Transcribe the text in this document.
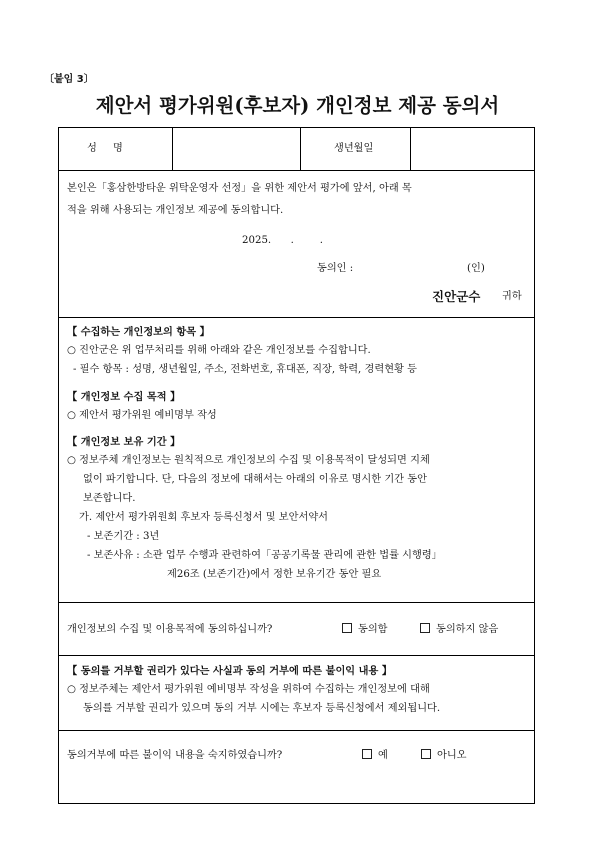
〔붙임 3〕
제안서 평가위원(후보자) 개인정보 제공 동의서
성     명	생년월일
본인은「홍삼한방타운 위탁운영자 선정」을 위한 제안서 평가에 앞서, 아래 목
적을 위해 사용되는 개인정보 제공에 동의합니다.
2025.      .        .
동의인 :	(인)
진안군수 귀하
【 수집하는 개인정보의 항목 】
○ 진안군은 위 업무처리를 위해 아래와 같은 개인정보를 수집합니다.
- 필수 항목 : 성명, 생년월일, 주소, 전화번호, 휴대폰, 직장, 학력, 경력현황 등
【 개인정보 수집 목적 】
○ 제안서 평가위원 예비명부 작성
【 개인정보 보유 기간 】
○ 정보주체 개인정보는 원칙적으로 개인정보의 수집 및 이용목적이 달성되면 지체
없이 파기합니다. 단, 다음의 정보에 대해서는 아래의 이유로 명시한 기간 동안
보존합니다.
가. 제안서 평가위원회 후보자 등록신청서 및 보안서약서
- 보존기간 : 3년
- 보존사유 : 소관 업무 수행과 관련하여「공공기록물 관리에 관한 법률 시행령」
제26조 (보존기간)에서 정한 보유기간 동안 필요
개인정보의 수집 및 이용목적에 동의하십니까?	동의함	동의하지 않음
【 동의를 거부할 권리가 있다는 사실과 동의 거부에 따른 불이익 내용 】
○ 정보주체는 제안서 평가위원 예비명부 작성을 위하여 수집하는 개인정보에 대해
동의를 거부할 권리가 있으며 동의 거부 시에는 후보자 등록신청에서 제외됩니다.
동의거부에 따른 불이익 내용을 숙지하였습니까?	예	아니오
